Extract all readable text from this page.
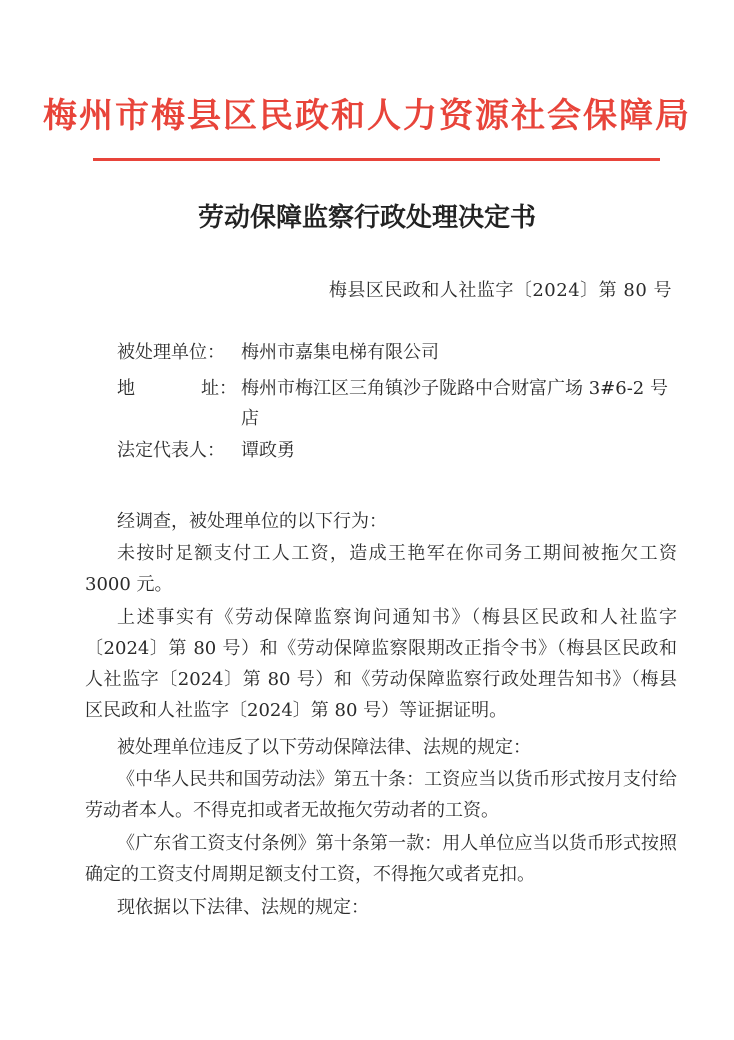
梅州市梅县区民政和人力资源社会保障局
劳动保障监察行政处理决定书
梅县区民政和人社监字〔2024〕第 80 号
被处理单位： 梅州市嘉集电梯有限公司
地	址： 梅州市梅江区三角镇沙子陇路中合财富广场 3#6-2 号店
法定代表人： 谭政勇
经调查，被处理单位的以下行为：
未按时足额支付工人工资，造成王艳军在你司务工期间被拖欠工资 3000 元。
上述事实有《劳动保障监察询问通知书》（梅县区民政和人社监字〔2024〕第 80 号）和《劳动保障监察限期改正指令书》（梅县区民政和人社监字〔2024〕第 80 号）和《劳动保障监察行政处理告知书》（梅县区民政和人社监字〔2024〕第 80 号）等证据证明。
被处理单位违反了以下劳动保障法律、法规的规定：
《中华人民共和国劳动法》第五十条：工资应当以货币形式按月支付给劳动者本人。不得克扣或者无故拖欠劳动者的工资。
《广东省工资支付条例》第十条第一款：用人单位应当以货币形式按照确定的工资支付周期足额支付工资，不得拖欠或者克扣。
现依据以下法律、法规的规定：
